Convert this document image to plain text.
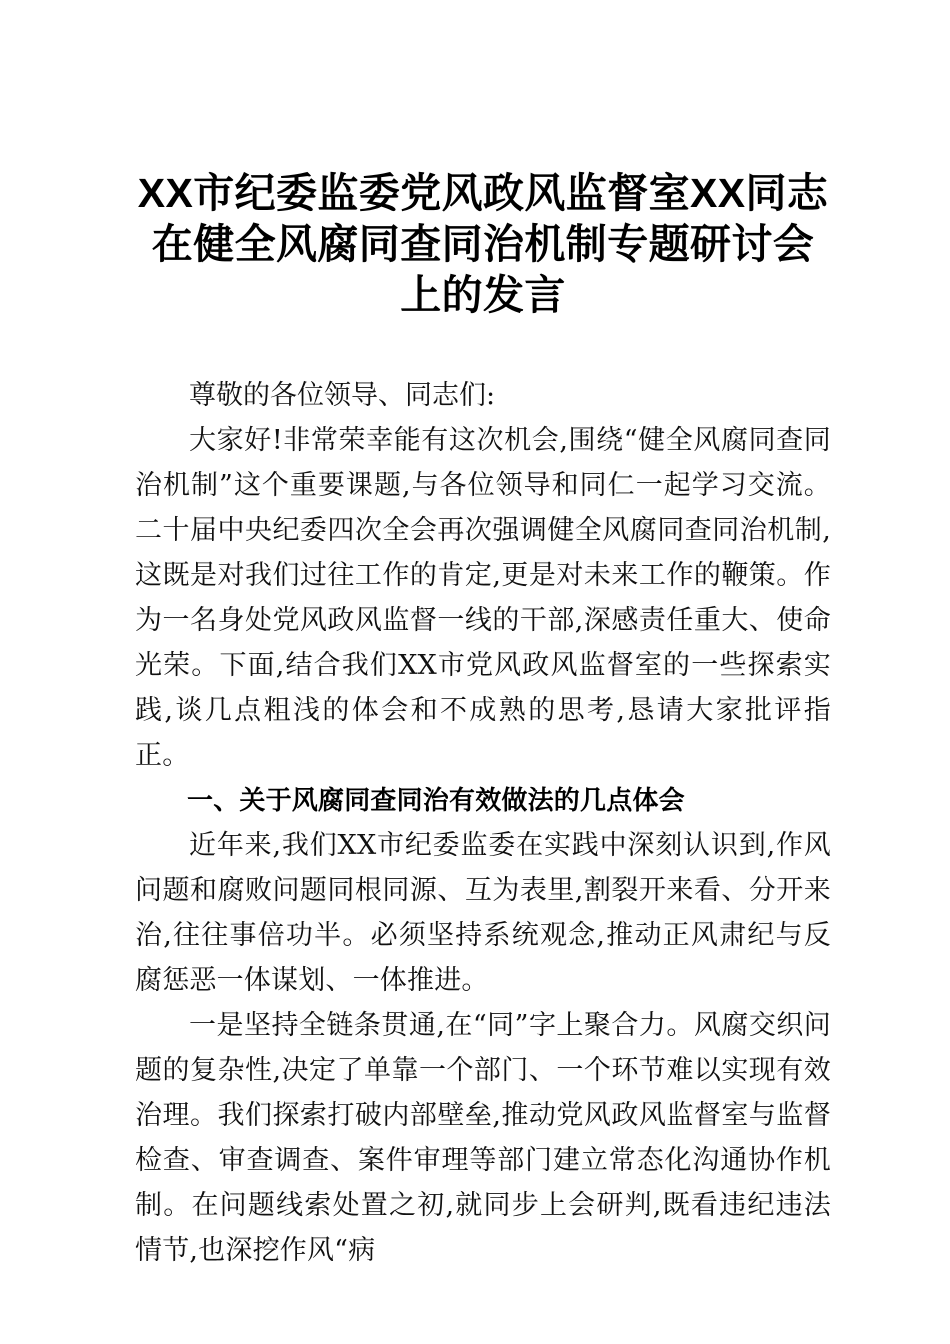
XX市纪委监委党风政风监督室XX同志在健全风腐同查同治机制专题研讨会上的发言

尊敬的各位领导、同志们:

大家好!非常荣幸能有这次机会,围绕“健全风腐同查同治机制”这个重要课题,与各位领导和同仁一起学习交流。二十届中央纪委四次全会再次强调健全风腐同查同治机制,这既是对我们过往工作的肯定,更是对未来工作的鞭策。作为一名身处党风政风监督一线的干部,深感责任重大、使命光荣。下面,结合我们XX市党风政风监督室的一些探索实践,谈几点粗浅的体会和不成熟的思考,恳请大家批评指正。

一、关于风腐同查同治有效做法的几点体会

近年来,我们XX市纪委监委在实践中深刻认识到,作风问题和腐败问题同根同源、互为表里,割裂开来看、分开来治,往往事倍功半。必须坚持系统观念,推动正风肃纪与反腐惩恶一体谋划、一体推进。

一是坚持全链条贯通,在“同”字上聚合力。风腐交织问题的复杂性,决定了单靠一个部门、一个环节难以实现有效治理。我们探索打破内部壁垒,推动党风政风监督室与监督检查、审查调查、案件审理等部门建立常态化沟通协作机制。在问题线索处置之初,就同步上会研判,既看违纪违法情节,也深挖作风“病
